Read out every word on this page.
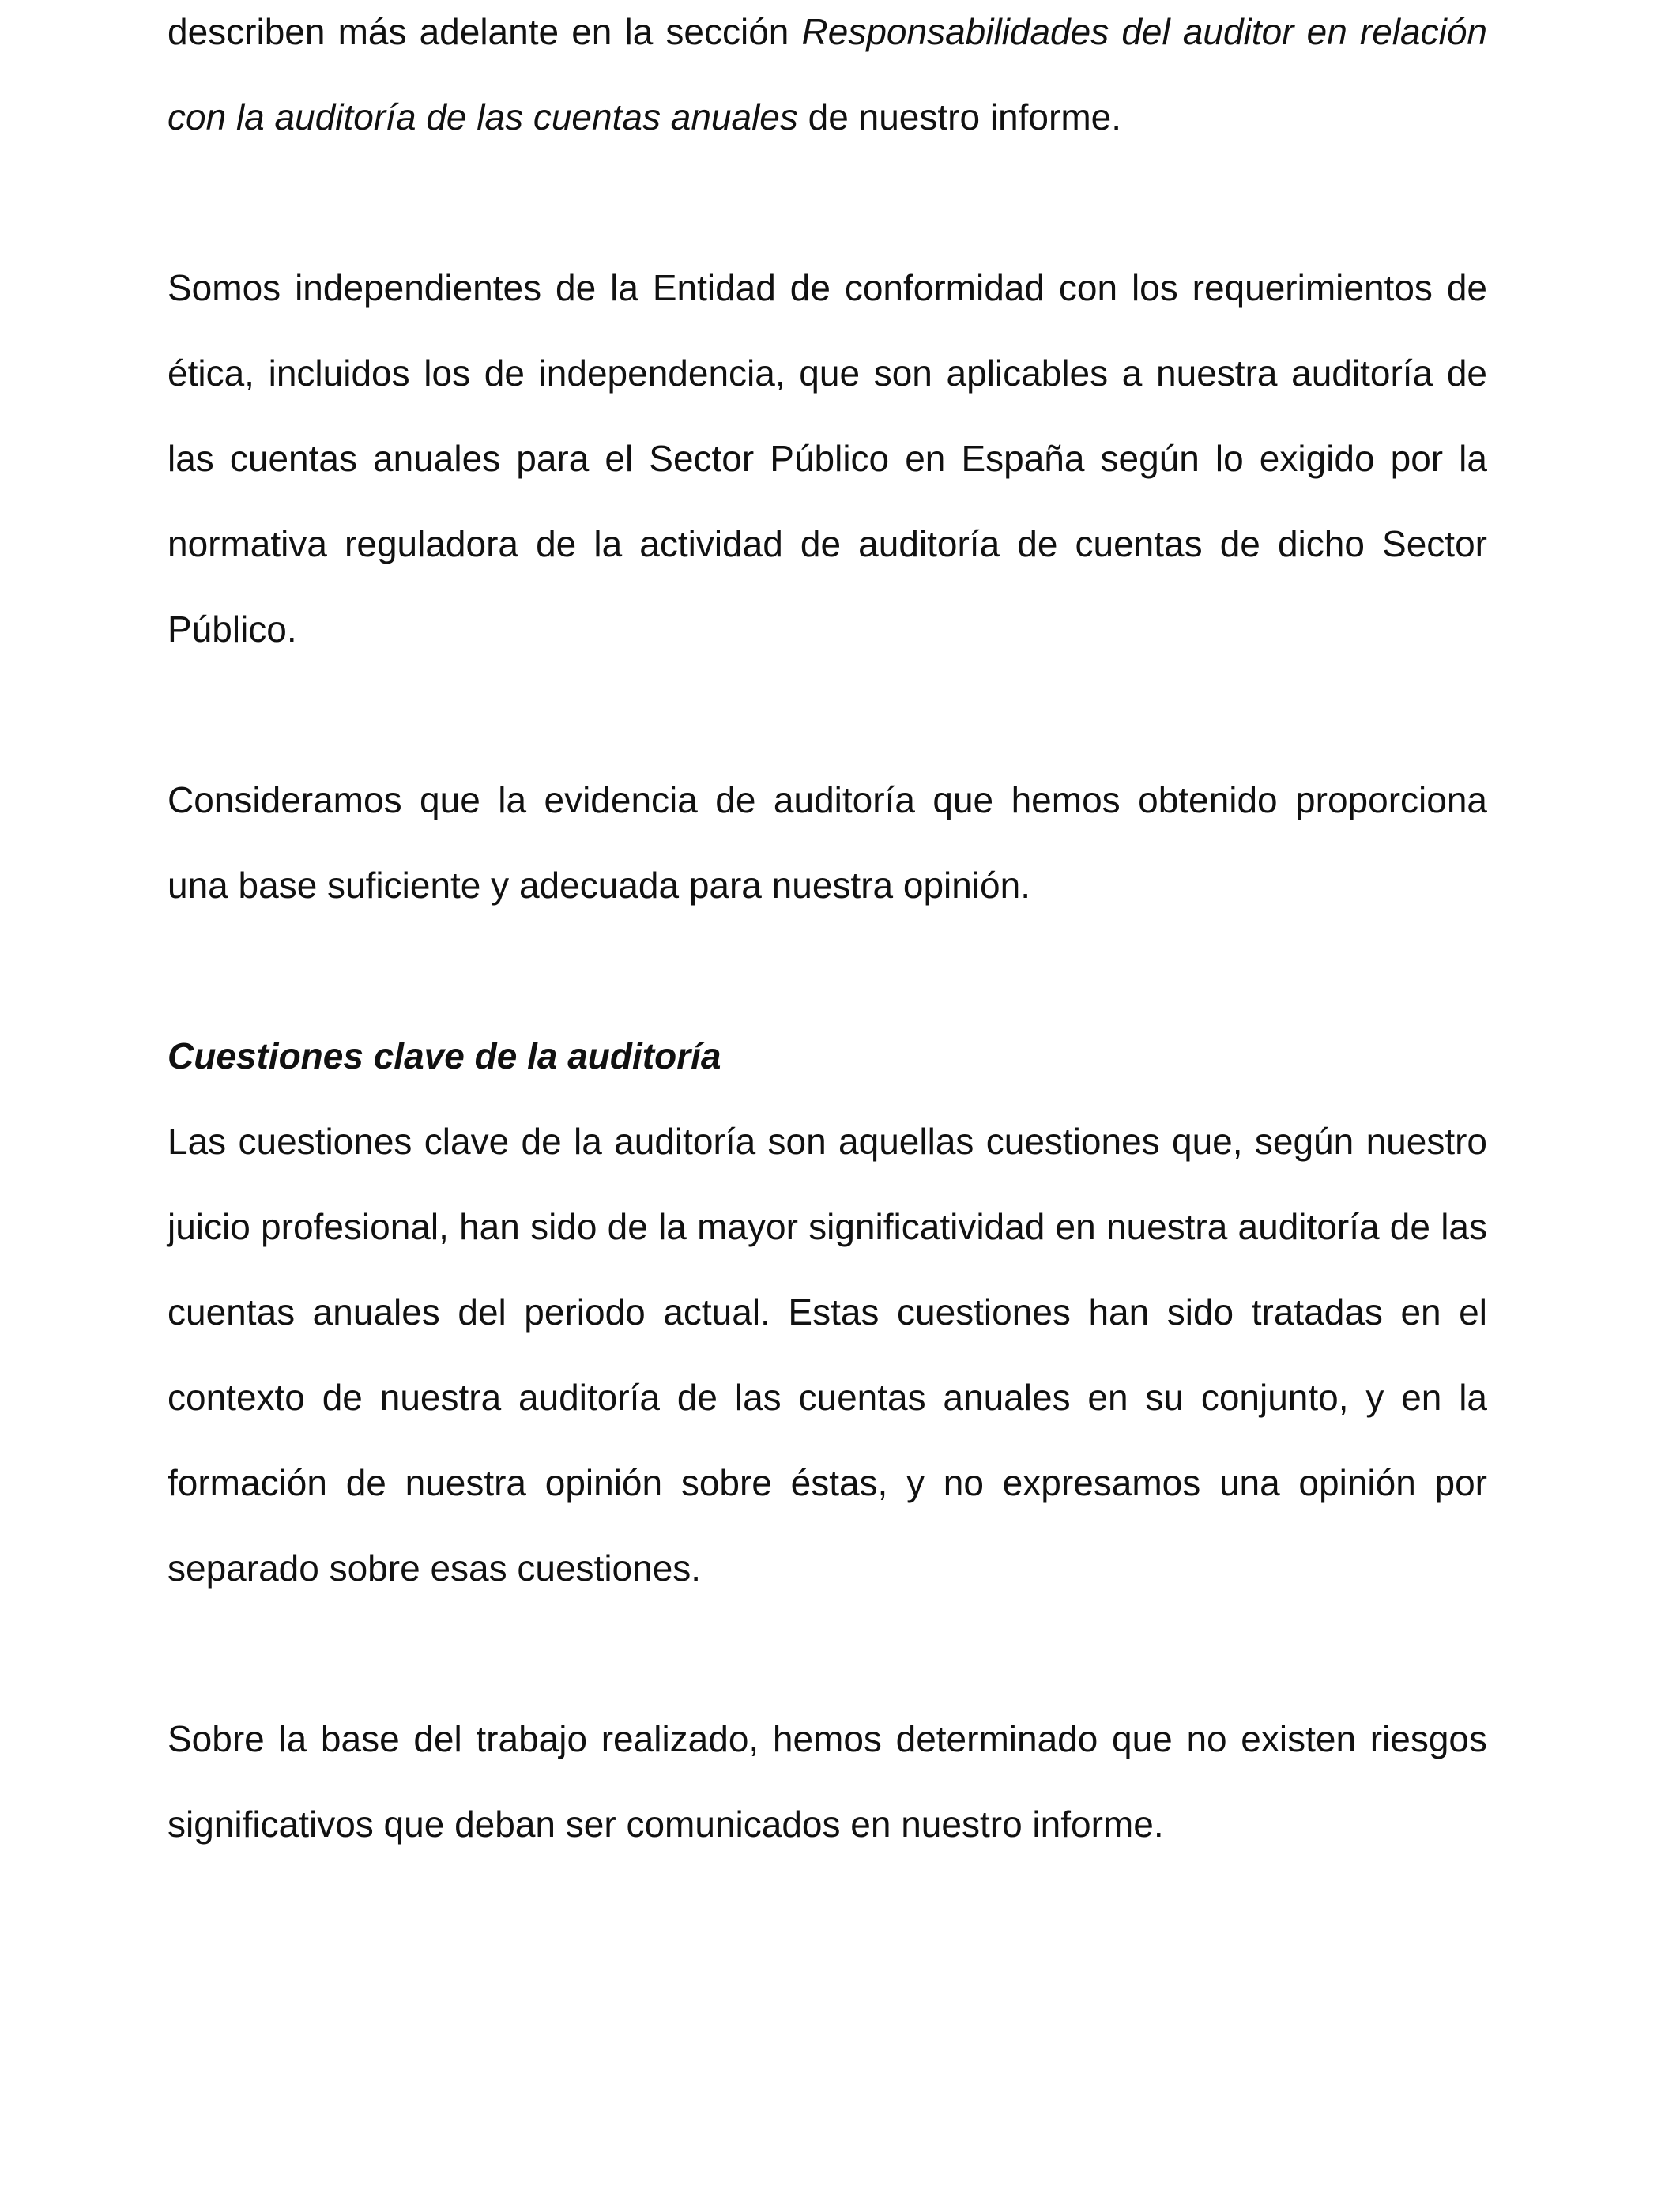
describen más adelante en la sección Responsabilidades del auditor en relación con la auditoría de las cuentas anuales de nuestro informe.

Somos independientes de la Entidad de conformidad con los requerimientos de ética, incluidos los de independencia, que son aplicables a nuestra auditoría de las cuentas anuales para el Sector Público en España según lo exigido por la normativa reguladora de la actividad de auditoría de cuentas de dicho Sector Público.

Consideramos que la evidencia de auditoría que hemos obtenido proporciona una base suficiente y adecuada para nuestra opinión.

Cuestiones clave de la auditoría

Las cuestiones clave de la auditoría son aquellas cuestiones que, según nuestro juicio profesional, han sido de la mayor significatividad en nuestra auditoría de las cuentas anuales del periodo actual. Estas cuestiones han sido tratadas en el contexto de nuestra auditoría de las cuentas anuales en su conjunto, y en la formación de nuestra opinión sobre éstas, y no expresamos una opinión por separado sobre esas cuestiones.

Sobre la base del trabajo realizado, hemos determinado que no existen riesgos significativos que deban ser comunicados en nuestro informe.
